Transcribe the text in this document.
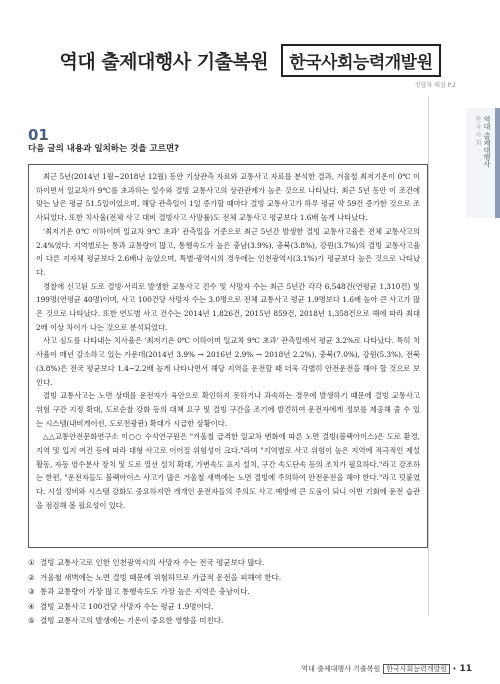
역대 출제대행사 기출복원 한국사회능력개발원
정답과 해설 P.2
한 국 사 회 역대 출제대행사
01
다음 글의 내용과 일치하는 것을 고르면?

최근 5년(2014년 1월~2018년 12월) 동안 기상관측 자료와 교통사고 자료를 분석한 결과, 겨울철 최저기온이 0℃ 이하이면서 일교차가 9℃를 초과하는 일수와 결빙 교통사고의 상관관계가 높은 것으로 나타났다. 최근 5년 동안 이 조건에 맞는 날은 평균 51.5일이었으며, 해당 관측일이 1일 증가할 때마다 결빙 교통사고가 하루 평균 약 59건 증가한 것으로 조사되었다. 또한 치사율(전체 사고 대비 결빙사고 사망률)도 전체 교통사고 평균보다 1.6배 높게 나타났다.

'최저기온 0℃ 이하이며 일교차 9℃ 초과' 관측일을 기준으로 최근 5년간 발생한 결빙 교통사고율은 전체 교통사고의 2.4%였다. 지역별로는 통과 교통량이 많고, 통행속도가 높은 충남(3.9%), 충북(3.8%), 강원(3.7%)의 결빙 교통사고율이 다른 지자체 평균보다 2.6배나 높았으며, 특별·광역시의 경우에는 인천광역시(3.1%)가 평균보다 높은 것으로 나타났다.

경찰에 신고된 도로 결빙·서리로 발생한 교통사고 건수 및 사망자 수는 최근 5년간 각각 6,548건(연평균 1,310건) 및 199명(연평균 40명)이며, 사고 100건당 사망자 수는 3.0명으로 전체 교통사고 평균 1.9명보다 1.6배 높아 큰 사고가 많은 것으로 나타났다. 또한 연도별 사고 건수는 2014년 1,826건, 2015년 859건, 2018년 1,358건으로 해에 따라 최대 2배 이상 차이가 나는 것으로 분석되었다.

사고 심도를 나타내는 치사율은 '최저기온 0℃ 이하이며 일교차 9℃ 초과' 관측일에서 평균 3.2%로 나타났다. 특히 치사율이 매년 감소하고 있는 가운데(2014년 3.9% → 2016년 2.9% → 2018년 2.2%), 충북(7.0%), 강원(5.3%), 전북(3.8%)은 전국 평균보다 1.4~2.2배 높게 나타나면서 해당 지역을 운전할 때 더욱 각별히 안전운전을 해야 할 것으로 보인다.

결빙 교통사고는 노면 상태를 운전자가 육안으로 확인하지 못하거나 과속하는 경우에 발생하기 때문에 결빙 교통사고 위험 구간 지정 확대, 도로순찰 강화 등의 대책 요구 및 결빙 구간을 조기에 발견하여 운전자에게 정보를 제공해 줄 수 있는 시스템(내비게이션, 도로전광판) 확대가 시급한 상황이다.

△△교통안전문화연구소 이○○ 수석연구원은 "겨울철 급격한 일교차 변화에 따른 노면 결빙(블랙아이스)은 도로 환경, 지역 및 입지 여건 등에 따라 대형 사고로 이어질 위험성이 크다."라며 "지역별로 사고 위험이 높은 지역에 적극적인 제설 활동, 자동 염수분사 장치 및 도로 열선 설치 확대, 가변속도 표지 설치, 구간 속도단속 등의 조치가 필요하다."라고 강조하는 한편, "운전자들도 블랙아이스 사고가 많은 겨울철 새벽에는 노면 결빙에 주의하여 안전운전을 해야 한다."라고 덧붙였다. 시설 정비와 시스템 강화도 중요하지만 개개인 운전자들의 주의도 사고 예방에 큰 도움이 되니 이번 기회에 운전 습관을 점검해 볼 필요성이 있다.

① 결빙 교통사고로 인한 인천광역시의 사망자 수는 전국 평균보다 많다.
② 겨울철 새벽에는 노면 결빙 때문에 위험하므로 가급적 운전을 피해야 한다.
③ 통과 교통량이 가장 많고 통행속도도 가장 높은 지역은 충남이다.
④ 결빙 교통사고 100건당 사망자 수는 평균 1.9명이다.
⑤ 결빙 교통사고의 발생에는 기온이 중요한 영향을 미친다.
역대 출제대행사 기출복원 한국사회능력개발원 • 11
